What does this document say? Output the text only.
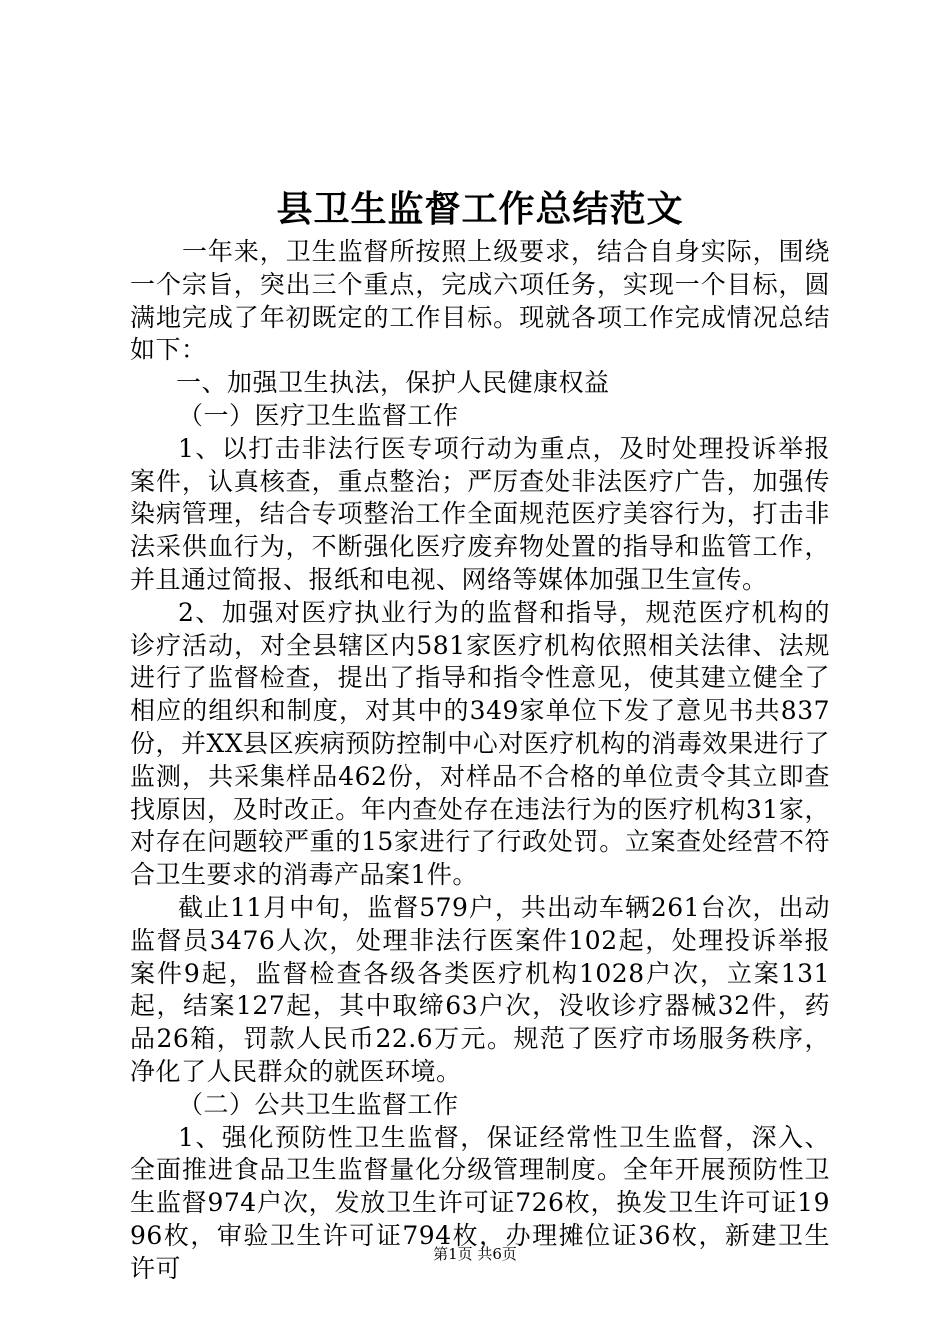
县卫生监督工作总结范文

一年来，卫生监督所按照上级要求，结合自身实际，围绕一个宗旨，突出三个重点，完成六项任务，实现一个目标，圆满地完成了年初既定的工作目标。现就各项工作完成情况总结如下：

一、加强卫生执法，保护人民健康权益

（一）医疗卫生监督工作

1、以打击非法行医专项行动为重点，及时处理投诉举报案件，认真核查，重点整治；严厉查处非法医疗广告，加强传染病管理，结合专项整治工作全面规范医疗美容行为，打击非法采供血行为，不断强化医疗废弃物处置的指导和监管工作，并且通过简报、报纸和电视、网络等媒体加强卫生宣传。

2、加强对医疗执业行为的监督和指导，规范医疗机构的诊疗活动，对全县辖区内581家医疗机构依照相关法律、法规进行了监督检查，提出了指导和指令性意见，使其建立健全了相应的组织和制度，对其中的349家单位下发了意见书共837份，并XX县区疾病预防控制中心对医疗机构的消毒效果进行了监测，共采集样品462份，对样品不合格的单位责令其立即查找原因，及时改正。年内查处存在违法行为的医疗机构31家，对存在问题较严重的15家进行了行政处罚。立案查处经营不符合卫生要求的消毒产品案1件。

截止11月中旬，监督579户，共出动车辆261台次，出动监督员3476人次，处理非法行医案件102起，处理投诉举报案件9起，监督检查各级各类医疗机构1028户次，立案131起，结案127起，其中取缔63户次，没收诊疗器械32件，药品26箱，罚款人民币22.6万元。规范了医疗市场服务秩序，净化了人民群众的就医环境。

（二）公共卫生监督工作

1、强化预防性卫生监督，保证经常性卫生监督，深入、全面推进食品卫生监督量化分级管理制度。全年开展预防性卫生监督974户次，发放卫生许可证726枚，换发卫生许可证1996枚，审验卫生许可证794枚，办理摊位证36枚，新建卫生许可	第1页 共6页
